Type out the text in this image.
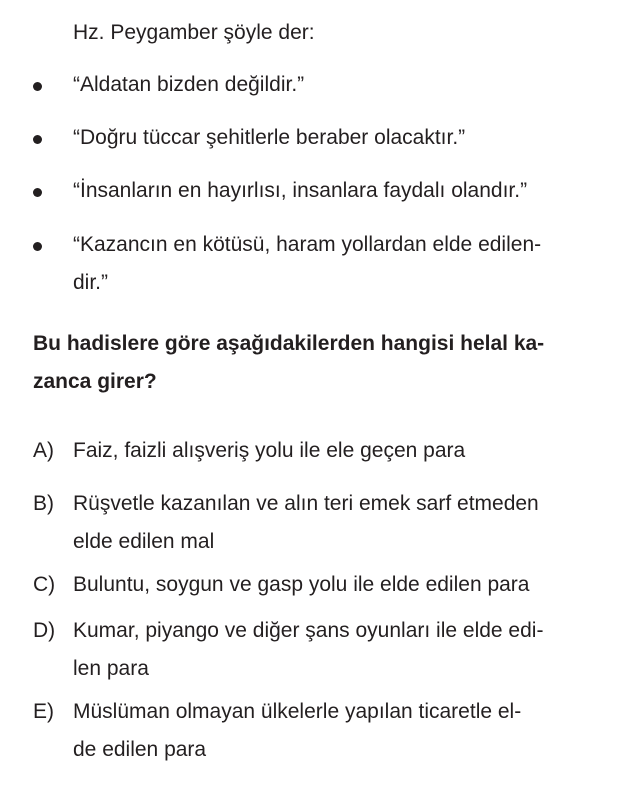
Hz. Peygamber şöyle der:

“Aldatan bizden değildir.”
“Doğru tüccar şehitlerle beraber olacaktır.”
“İnsanların en hayırlısı, insanlara faydalı olandır.”
“Kazancın en kötüsü, haram yollardan elde edilen-
dir.”
Bu hadislere göre aşağıdakilerden hangisi helal ka-
zanca girer?
A) Faiz, faizli alışveriş yolu ile ele geçen para
B) Rüşvetle kazanılan ve alın teri emek sarf etmeden
elde edilen mal
C) Buluntu, soygun ve gasp yolu ile elde edilen para
D) Kumar, piyango ve diğer şans oyunları ile elde edi-
len para
E) Müslüman olmayan ülkelerle yapılan ticaretle el-
de edilen para
